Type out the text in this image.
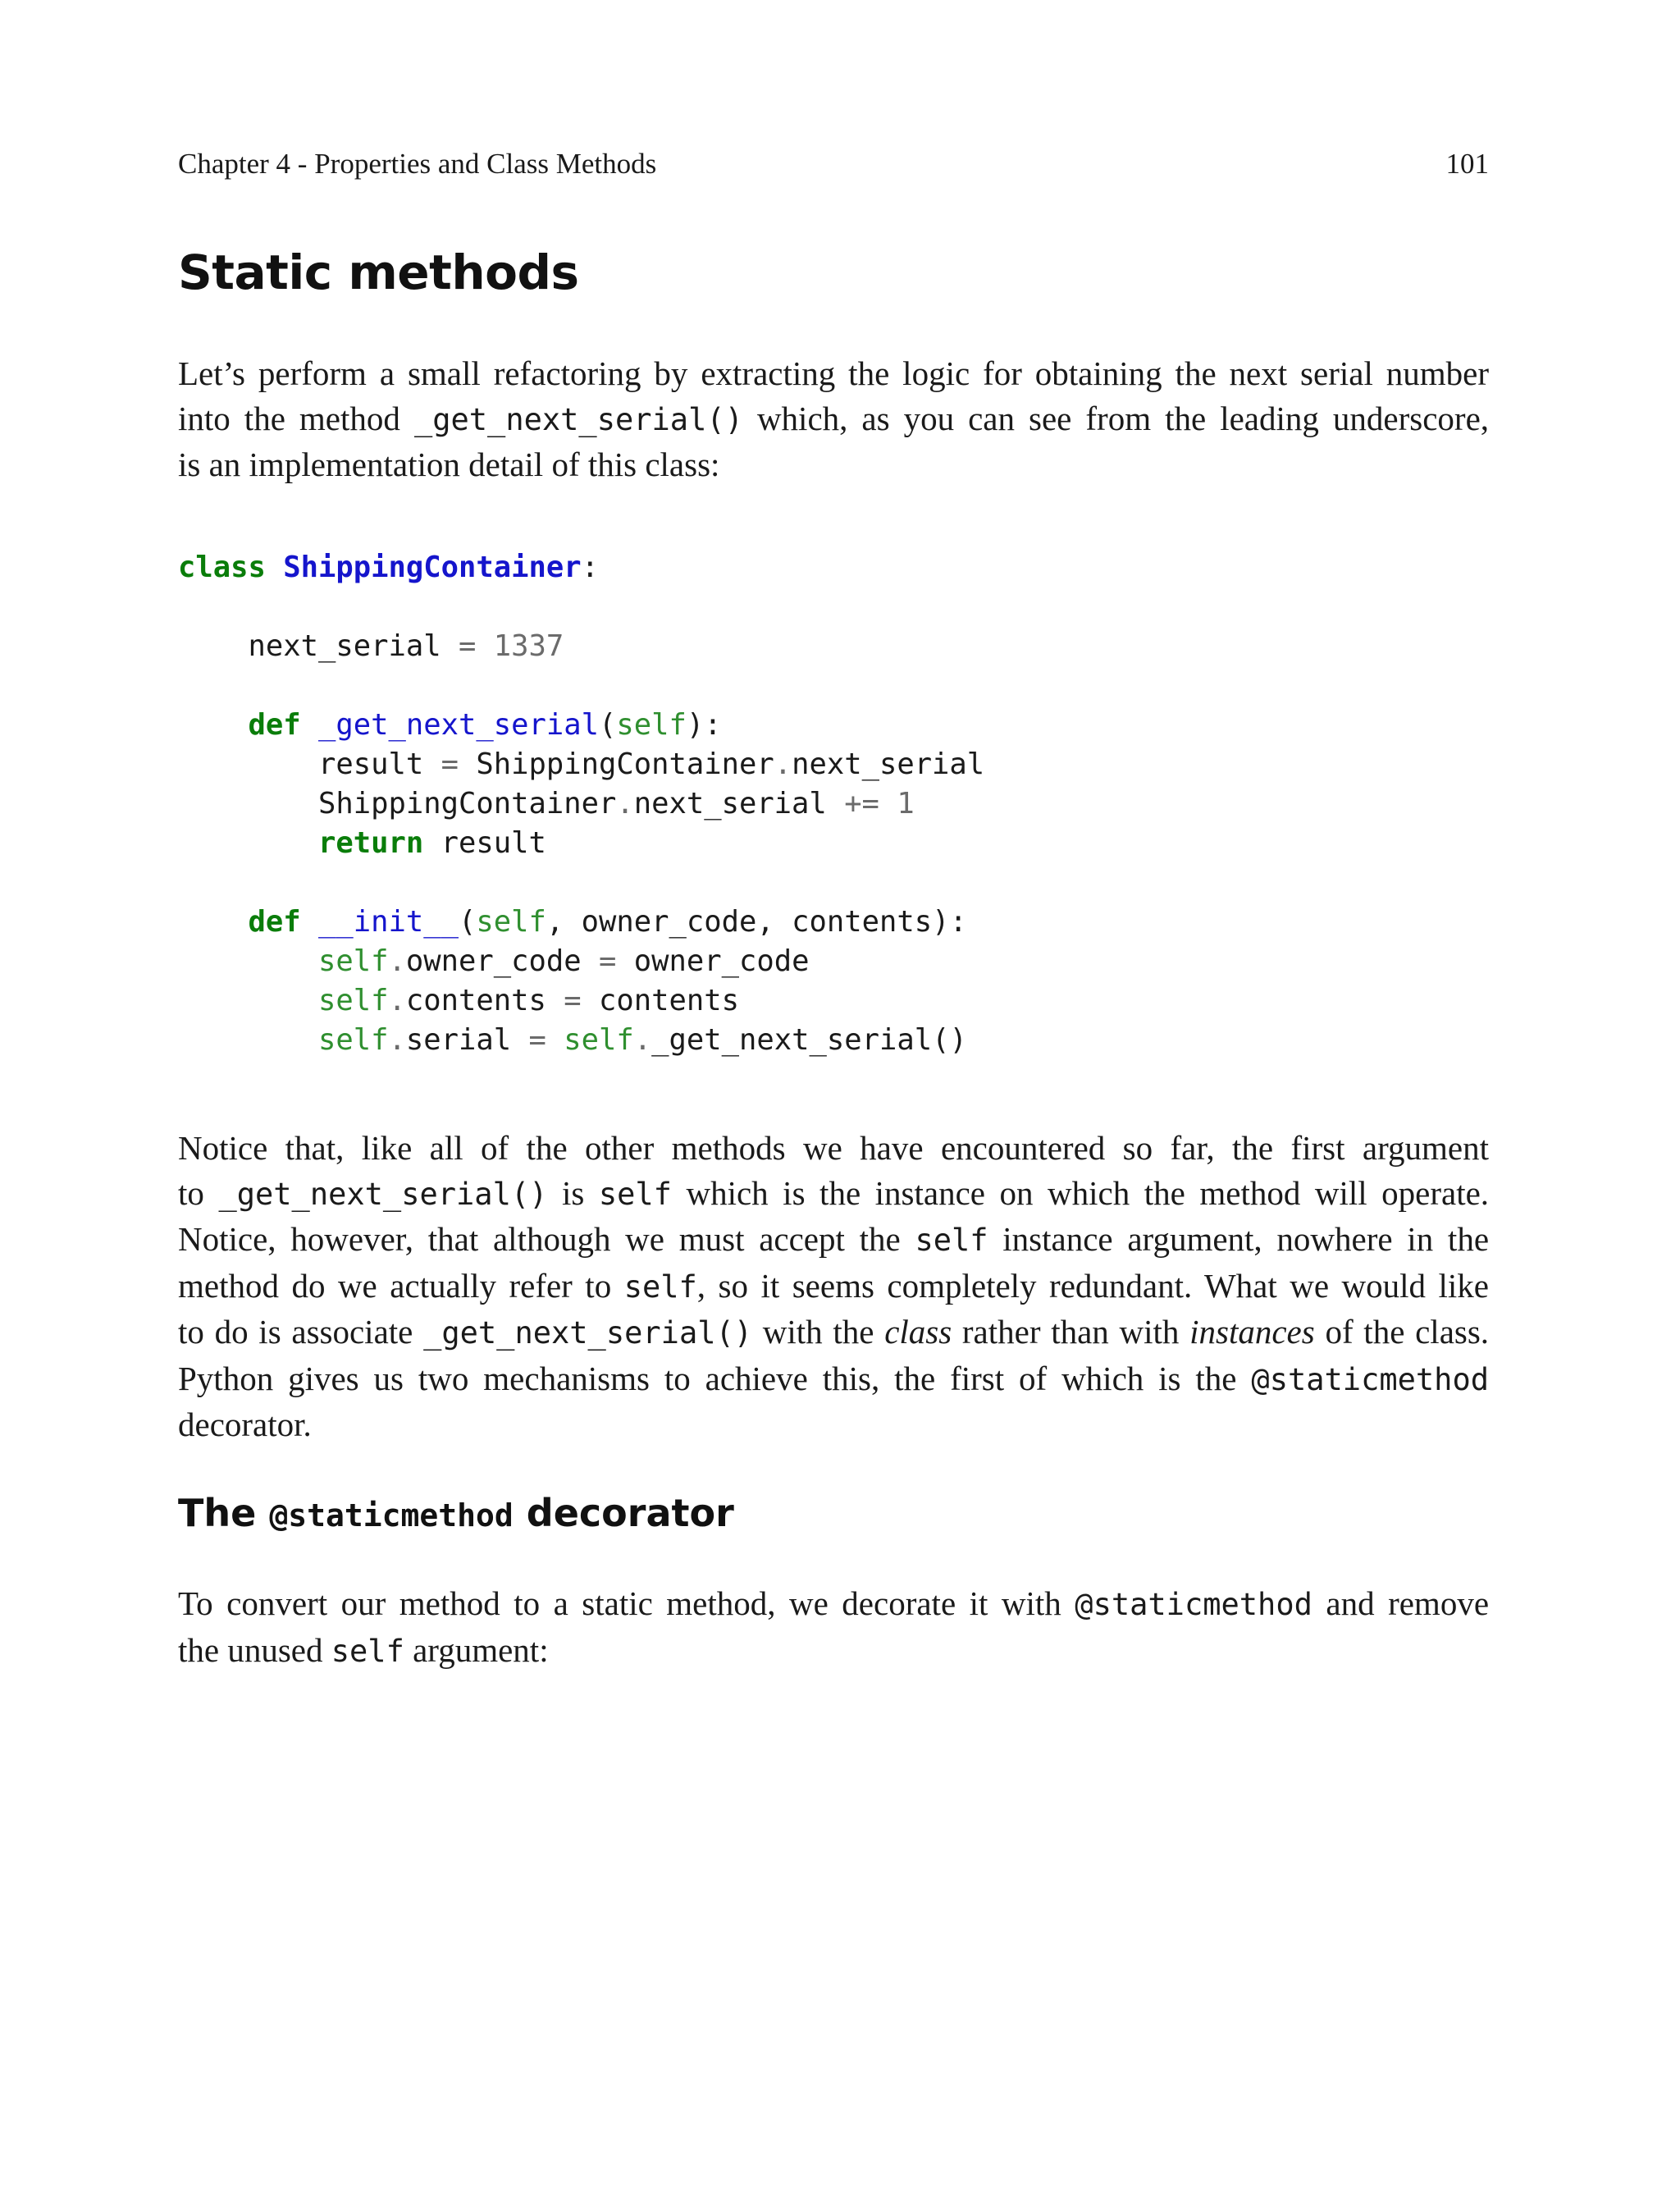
Chapter 4 - Properties and Class Methods	101
Static methods

Let’s perform a small refactoring by extracting the logic for obtaining the next serial number
into the method _get_next_serial() which, as you can see from the leading underscore,
is an implementation detail of this class:

class ShippingContainer:
next_serial = 1337
def _get_next_serial(self):
result = ShippingContainer.next_serial
ShippingContainer.next_serial += 1
return result
def __init__(self, owner_code, contents):
self.owner_code = owner_code
self.contents = contents
self.serial = self._get_next_serial()

Notice that, like all of the other methods we have encountered so far, the first argument
to _get_next_serial() is self which is the instance on which the method will operate.
Notice, however, that although we must accept the self instance argument, nowhere in the
method do we actually refer to self, so it seems completely redundant. What we would like
to do is associate _get_next_serial() with the class rather than with instances of the class.
Python gives us two mechanisms to achieve this, the first of which is the @staticmethod
decorator.

The @staticmethod decorator

To convert our method to a static method, we decorate it with @staticmethod and remove
the unused self argument:
